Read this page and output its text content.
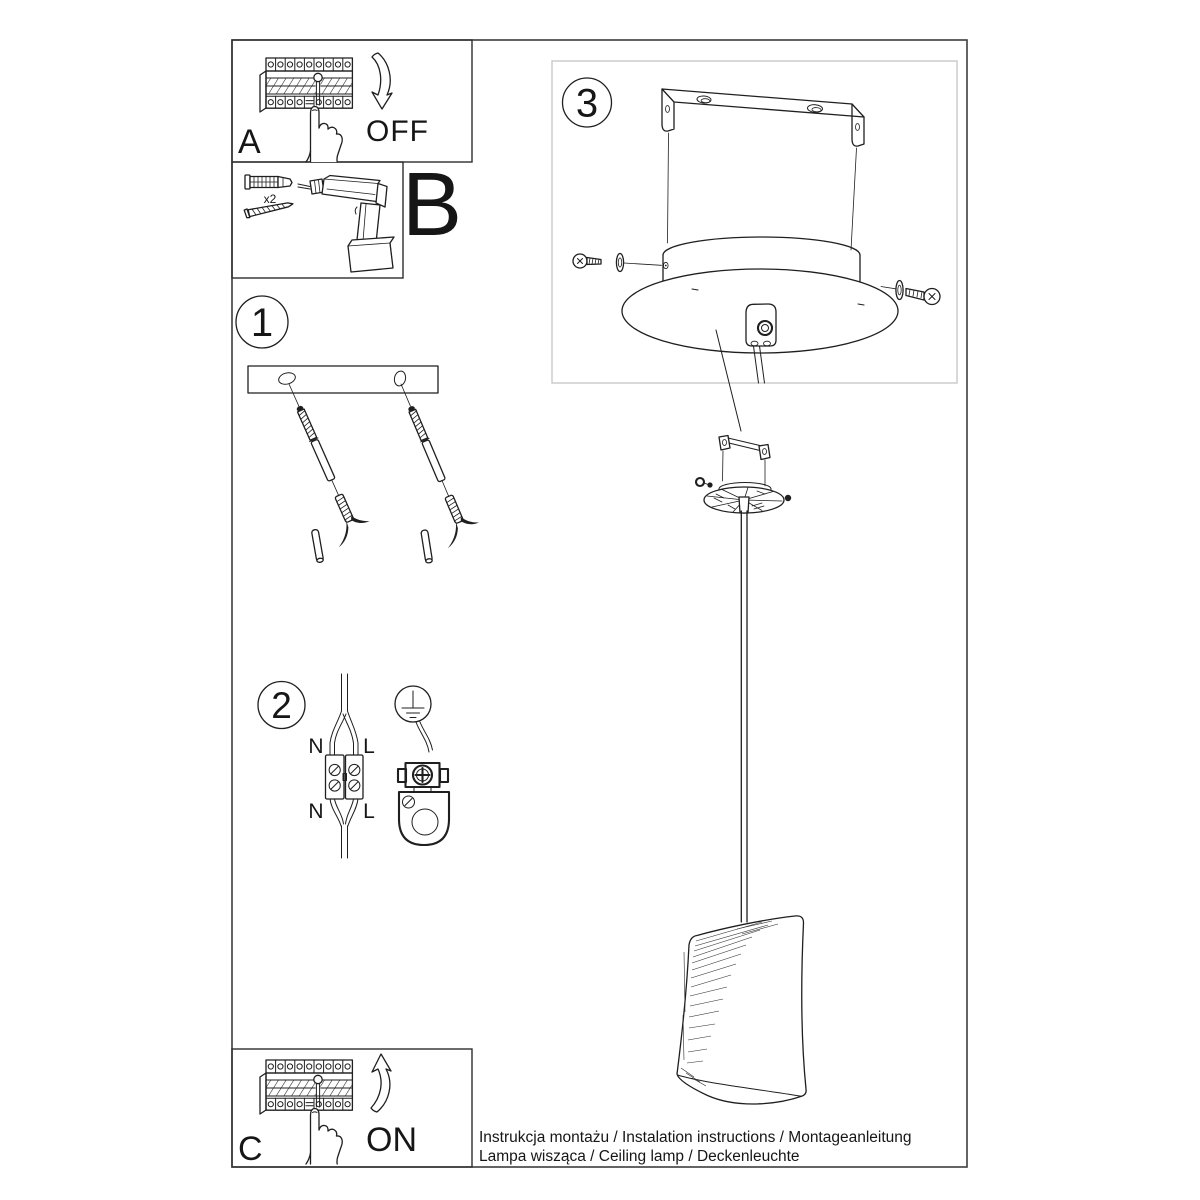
A	OFF
x2 B
1
2
N L
N L
3
C	ON	Instrukcja montażu / Instalation instructions / Montageanleitung
Lampa wisząca / Ceiling lamp / Deckenleuchte
